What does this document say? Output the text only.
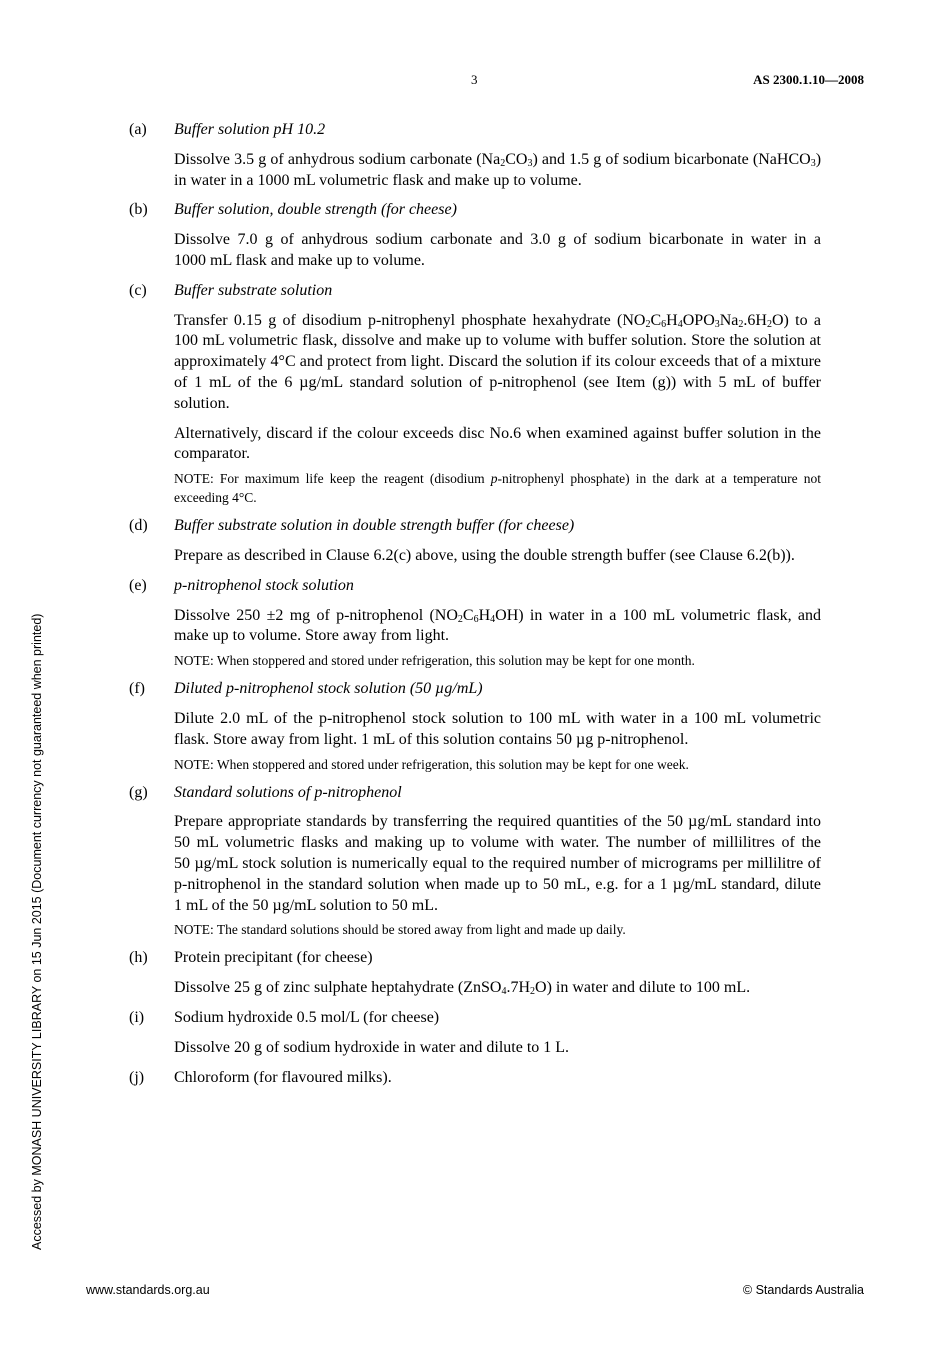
3	AS 2300.1.10—2008
Accessed by MONASH UNIVERSITY LIBRARY on 15 Jun 2015 (Document currency not guaranteed when printed)
(a)	Buffer solution pH 10.2
Dissolve 3.5 g of anhydrous sodium carbonate $(Na_2CO_3)$ and 1.5 g of sodium bicarbonate (NaHCO$_3$) in water in a 1000 mL volumetric flask and make up to volume.
(b)	Buffer solution, double strength (for cheese)
Dissolve 7.0 g of anhydrous sodium carbonate and 3.0 g of sodium bicarbonate in water in a 1000 mL flask and make up to volume.
(c)	Buffer substrate solution
Transfer 0.15 g of disodium p-nitrophenyl phosphate hexahydrate $(NO_2C_6H_4OPO_3Na_2.6H_2O)$ to a 100 mL volumetric flask, dissolve and make up to volume with buffer solution. Store the solution at approximately 4°C and protect from light. Discard the solution if its colour exceeds that of a mixture of 1 mL of the 6 µg/mL standard solution of p-nitrophenol (see Item (g)) with 5 mL of buffer solution.
Alternatively, discard if the colour exceeds disc No.6 when examined against buffer solution in the comparator.
NOTE: For maximum life keep the reagent (disodium p-nitrophenyl phosphate) in the dark at a temperature not exceeding 4°C.
(d)	Buffer substrate solution in double strength buffer (for cheese)
Prepare as described in Clause 6.2(c) above, using the double strength buffer (see Clause 6.2(b)).
(e)	p-nitrophenol stock solution
Dissolve 250 ±2 mg of p-nitrophenol $(NO_2C_6H_4OH)$ in water in a 100 mL volumetric flask, and make up to volume. Store away from light.
NOTE: When stoppered and stored under refrigeration, this solution may be kept for one month.
(f)	Diluted p-nitrophenol stock solution (50 µg/mL)
Dilute 2.0 mL of the p-nitrophenol stock solution to 100 mL with water in a 100 mL volumetric flask. Store away from light. 1 mL of this solution contains 50 µg p-nitrophenol.
NOTE: When stoppered and stored under refrigeration, this solution may be kept for one week.
(g)	Standard solutions of p-nitrophenol
Prepare appropriate standards by transferring the required quantities of the 50 µg/mL standard into 50 mL volumetric flasks and making up to volume with water. The number of millilitres of the 50 µg/mL stock solution is numerically equal to the required number of micrograms per millilitre of p-nitrophenol in the standard solution when made up to 50 mL, e.g. for a 1 µg/mL standard, dilute 1 mL of the 50 µg/mL solution to 50 mL.
NOTE: The standard solutions should be stored away from light and made up daily.
(h)	Protein precipitant (for cheese)
Dissolve 25 g of zinc sulphate heptahydrate $(ZnSO_4.7H_2O)$ in water and dilute to 100 mL.
(i)	Sodium hydroxide 0.5 mol/L (for cheese)
Dissolve 20 g of sodium hydroxide in water and dilute to 1 L.
(j)	Chloroform (for flavoured milks).
www.standards.org.au	© Standards Australia
